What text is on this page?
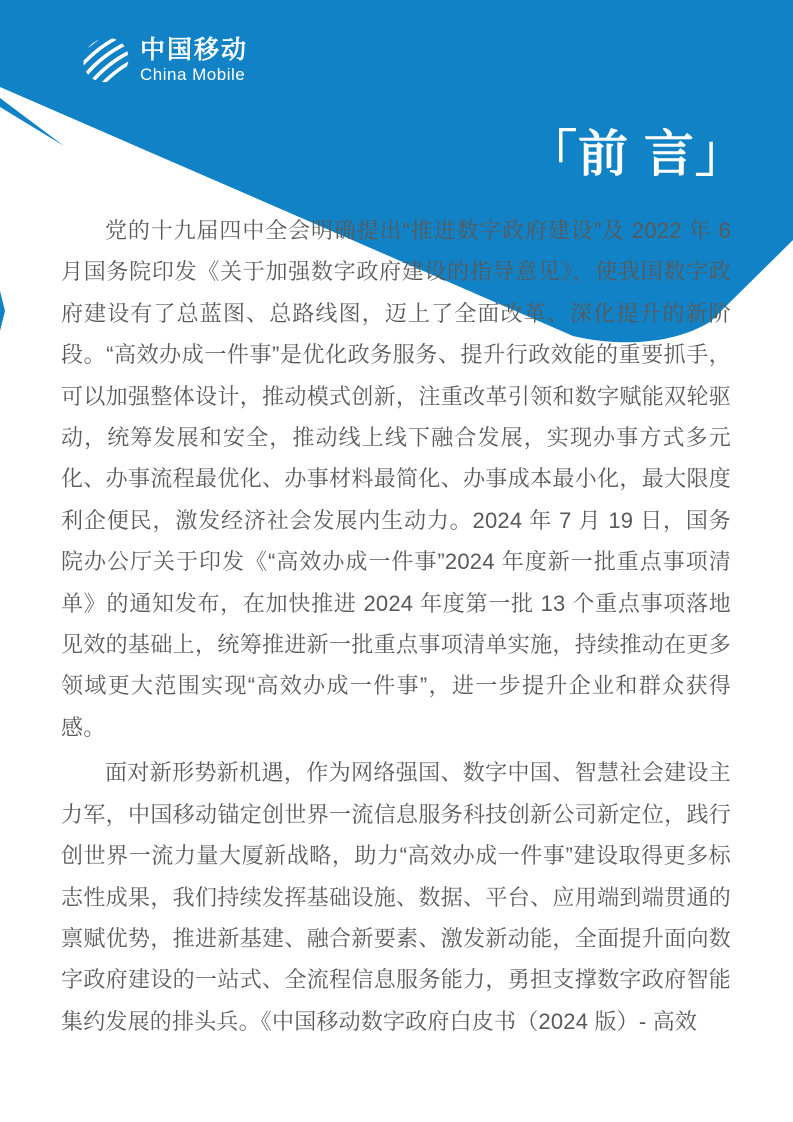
中国移动
China Mobile
「前 言」

党的十九届四中全会明确提出“推进数字政府建设”及 2022 年 6 月国务院印发《关于加强数字政府建设的指导意见》，使我国数字政府建设有了总蓝图、总路线图，迈上了全面改革、深化提升的新阶段。“高效办成一件事”是优化政务服务、提升行政效能的重要抓手，可以加强整体设计，推动模式创新，注重改革引领和数字赋能双轮驱动，统筹发展和安全，推动线上线下融合发展，实现办事方式多元化、办事流程最优化、办事材料最简化、办事成本最小化，最大限度利企便民，激发经济社会发展内生动力。2024 年 7 月 19 日，国务院办公厅关于印发《“高效办成一件事”2024 年度新一批重点事项清单》的通知发布，在加快推进 2024 年度第一批 13 个重点事项落地见效的基础上，统筹推进新一批重点事项清单实施，持续推动在更多领域更大范围实现“高效办成一件事”，进一步提升企业和群众获得感。

面对新形势新机遇，作为网络强国、数字中国、智慧社会建设主力军，中国移动锚定创世界一流信息服务科技创新公司新定位，践行创世界一流力量大厦新战略，助力“高效办成一件事”建设取得更多标志性成果，我们持续发挥基础设施、数据、平台、应用端到端贯通的禀赋优势，推进新基建、融合新要素、激发新动能，全面提升面向数字政府建设的一站式、全流程信息服务能力，勇担支撑数字政府智能集约发展的排头兵。《中国移动数字政府白皮书（2024 版）- 高效
